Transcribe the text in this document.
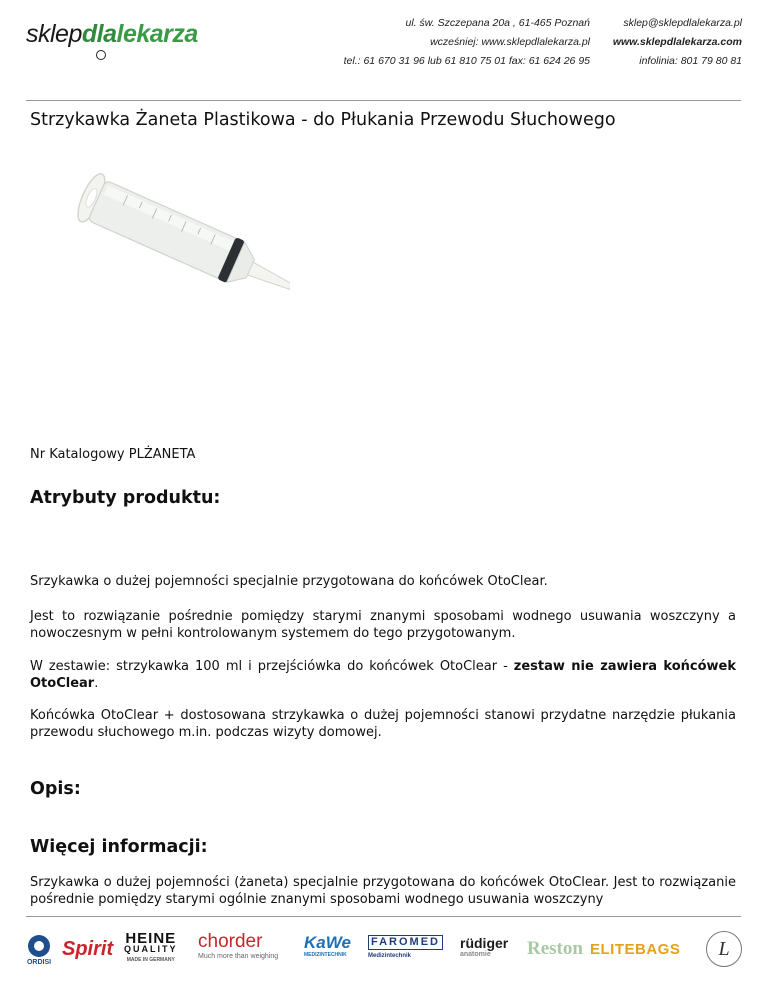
sklepdlalekarza	ul. św. Szczepana 20a , 61-465 Poznań
wcześniej: www.sklepdlalekarza.pl
tel.: 61 670 31 96 lub 61 810 75 01 fax: 61 624 26 95
sklep@sklepdlalekarza.pl
www.sklepdlalekarza.com
infolinia: 801 79 80 81
Strzykawka Żaneta Plastikowa - do Płukania Przewodu Słuchowego
Nr Katalogowy PLŻANETA
Atrybuty produktu:

Srzykawka o dużej pojemności specjalnie przygotowana do końcówek OtoClear.

Jest to rozwiązanie pośrednie pomiędzy starymi znanymi sposobami wodnego usuwania woszczyny a nowoczesnym w pełni kontrolowanym systemem do tego przygotowanym.

W zestawie: strzykawka 100 ml i przejściówka do końcówek OtoClear - zestaw nie zawiera końcówek OtoClear.

Końcówka OtoClear + dostosowana strzykawka o dużej pojemności stanowi przydatne narzędzie płukania przewodu słuchowego m.in. podczas wizyty domowej.

Opis:
Więcej informacji:

Srzykawka o dużej pojemności (żaneta) specjalnie przygotowana do końcówek OtoClear. Jest to rozwiązanie pośrednie pomiędzy starymi ogólnie znanymi sposobami wodnego usuwania woszczyny

ORDISI
Spirit HEINE
QUALITY
MADE IN GERMANY
chorder
Much more than weighing
KaWe
MEDIZINTECHNIK
FAROMED
Medizintechnik
rüdiger
anatomie Reston ELITEBAGS	L
